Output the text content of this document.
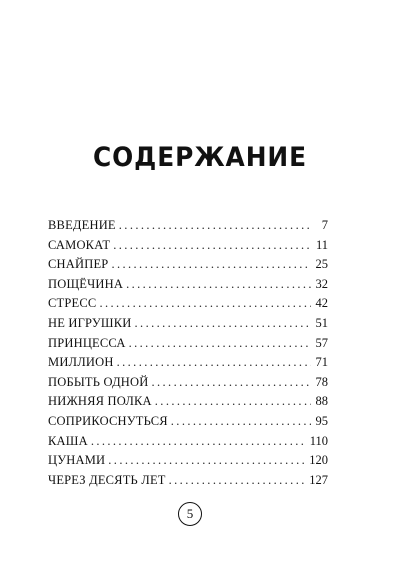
СОДЕРЖАНИЕ
ВВЕДЕНИЕ .....	7
САМОКАТ .....	11
СНАЙПЕР .....	25
ПОЩЁЧИНА .....	32
СТРЕСС .....	42
НЕ ИГРУШКИ .....	51
ПРИНЦЕССА .....	57
МИЛЛИОН .....	71
ПОБЫТЬ ОДНОЙ .....	78
НИЖНЯЯ ПОЛКА .....	88
СОПРИКОСНУТЬСЯ .....	95
КАША .....	110
ЦУНАМИ .....	120
ЧЕРЕЗ ДЕСЯТЬ ЛЕТ .....	127
5
